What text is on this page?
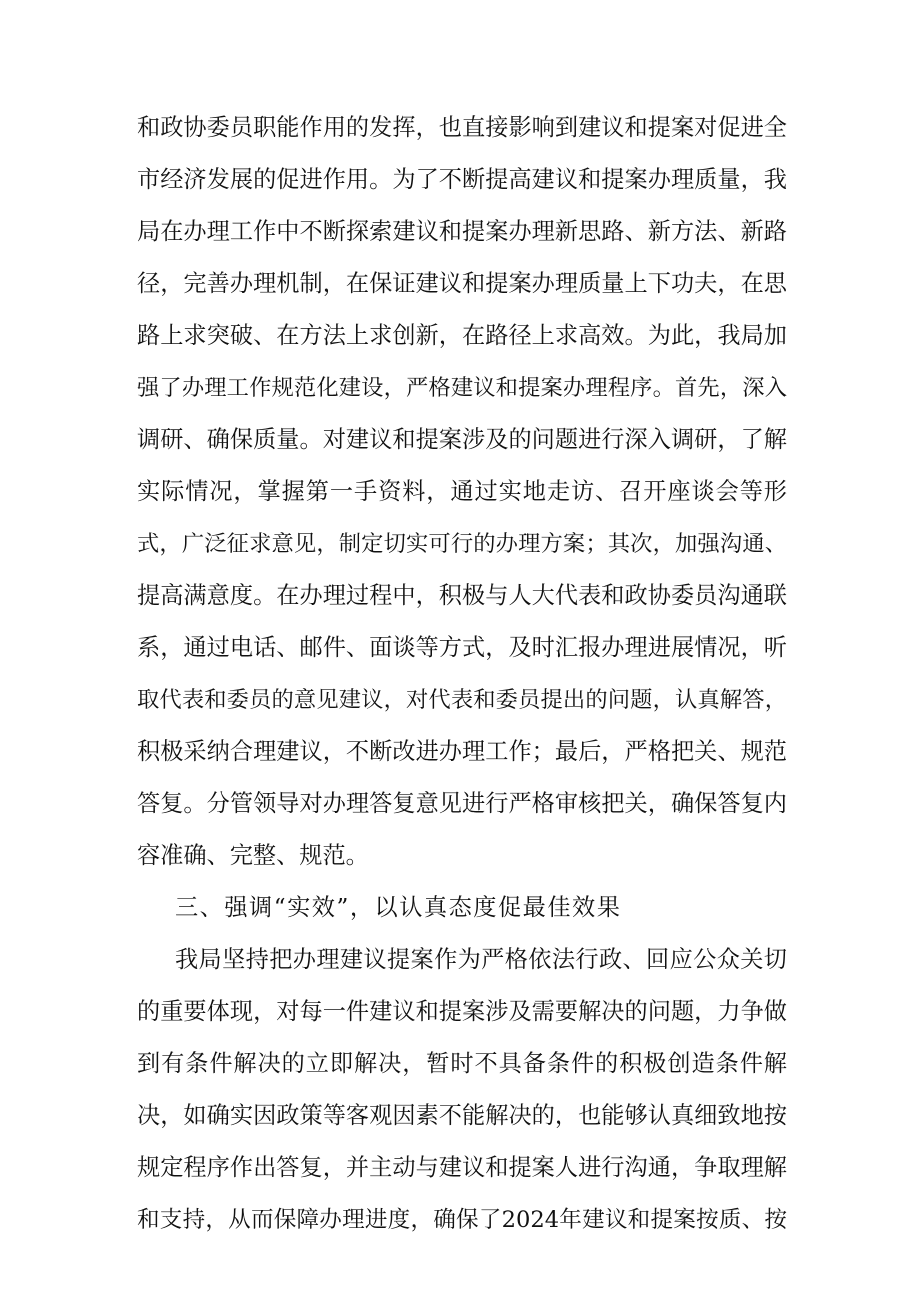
和政协委员职能作用的发挥，也直接影响到建议和提案对促进全
市经济发展的促进作用。为了不断提高建议和提案办理质量，我
局在办理工作中不断探索建议和提案办理新思路、新方法、新路
径，完善办理机制，在保证建议和提案办理质量上下功夫，在思
路上求突破、在方法上求创新，在路径上求高效。为此，我局加
强了办理工作规范化建设，严格建议和提案办理程序。首先，深入
调研、确保质量。对建议和提案涉及的问题进行深入调研，了解
实际情况，掌握第一手资料，通过实地走访、召开座谈会等形
式，广泛征求意见，制定切实可行的办理方案；其次，加强沟通、
提高满意度。在办理过程中，积极与人大代表和政协委员沟通联
系，通过电话、邮件、面谈等方式，及时汇报办理进展情况，听
取代表和委员的意见建议，对代表和委员提出的问题，认真解答，
积极采纳合理建议，不断改进办理工作；最后，严格把关、规范
答复。分管领导对办理答复意见进行严格审核把关，确保答复内
容准确、完整、规范。
三、强调“实效”，以认真态度促最佳效果
我局坚持把办理建议提案作为严格依法行政、回应公众关切
的重要体现，对每一件建议和提案涉及需要解决的问题，力争做
到有条件解决的立即解决，暂时不具备条件的积极创造条件解
决，如确实因政策等客观因素不能解决的，也能够认真细致地按
规定程序作出答复，并主动与建议和提案人进行沟通，争取理解
和支持，从而保障办理进度，确保了2024年建议和提案按质、按
